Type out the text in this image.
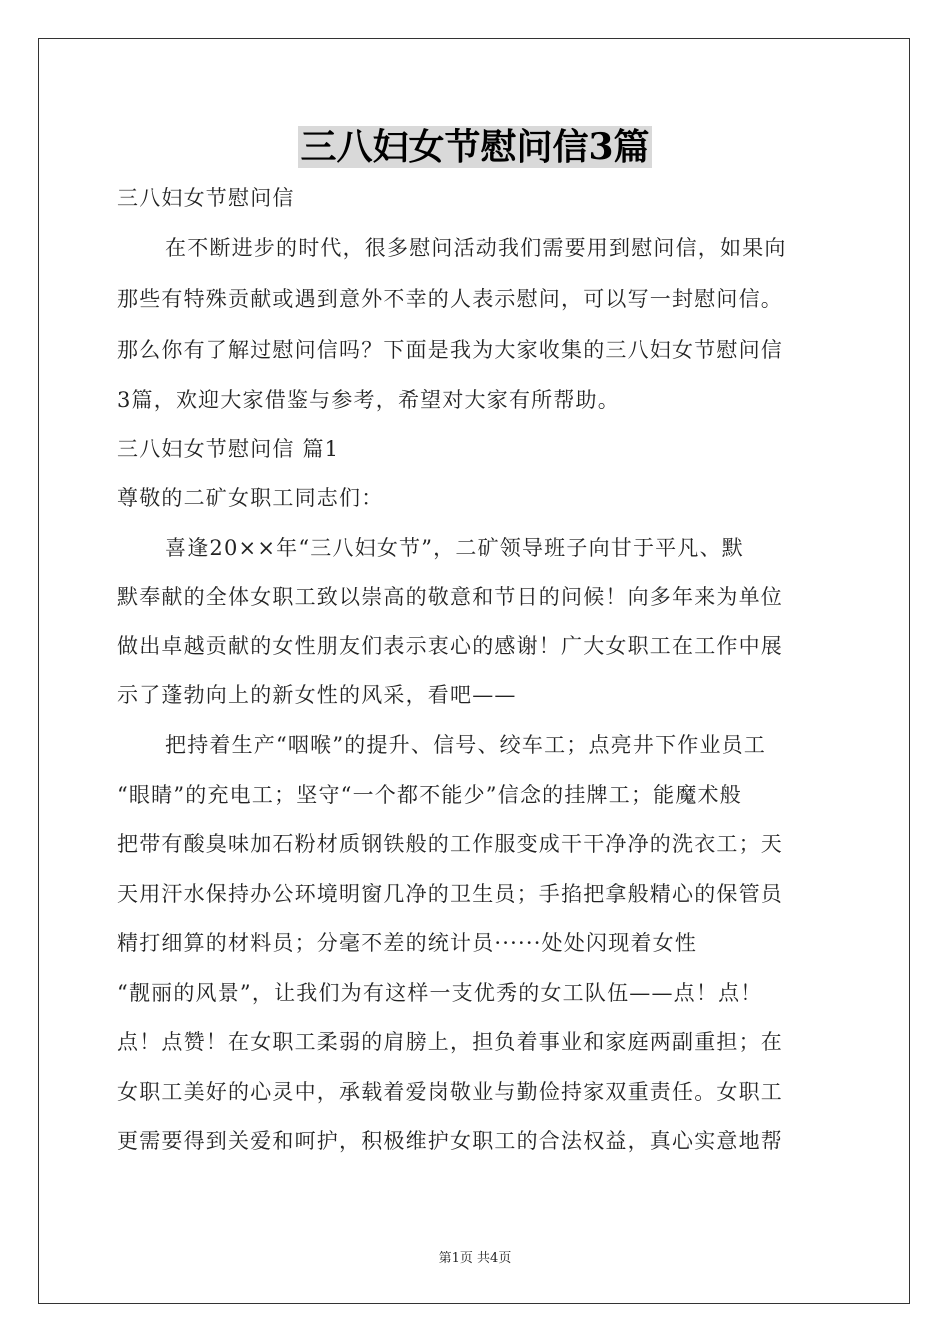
三八妇女节慰问信3篇
三八妇女节慰问信
在不断进步的时代，很多慰问活动我们需要用到慰问信，如果向
那些有特殊贡献或遇到意外不幸的人表示慰问，可以写一封慰问信。
那么你有了解过慰问信吗？下面是我为大家收集的三八妇女节慰问信
3篇，欢迎大家借鉴与参考，希望对大家有所帮助。
三八妇女节慰问信 篇1
尊敬的二矿女职工同志们：
喜逢20××年“三八妇女节”，二矿领导班子向甘于平凡、默
默奉献的全体女职工致以崇高的敬意和节日的问候！向多年来为单位
做出卓越贡献的女性朋友们表示衷心的感谢！广大女职工在工作中展
示了蓬勃向上的新女性的风采，看吧——
把持着生产“咽喉”的提升、信号、绞车工；点亮井下作业员工
“眼睛”的充电工；坚守“一个都不能少”信念的挂牌工；能魔术般
把带有酸臭味加石粉材质钢铁般的工作服变成干干净净的洗衣工；天
天用汗水保持办公环境明窗几净的卫生员；手掐把拿般精心的保管员
精打细算的材料员；分毫不差的统计员······处处闪现着女性
“靓丽的风景”，让我们为有这样一支优秀的女工队伍——点！点！
点！点赞！在女职工柔弱的肩膀上，担负着事业和家庭两副重担；在
女职工美好的心灵中，承载着爱岗敬业与勤俭持家双重责任。女职工
更需要得到关爱和呵护，积极维护女职工的合法权益，真心实意地帮
第1页 共4页
